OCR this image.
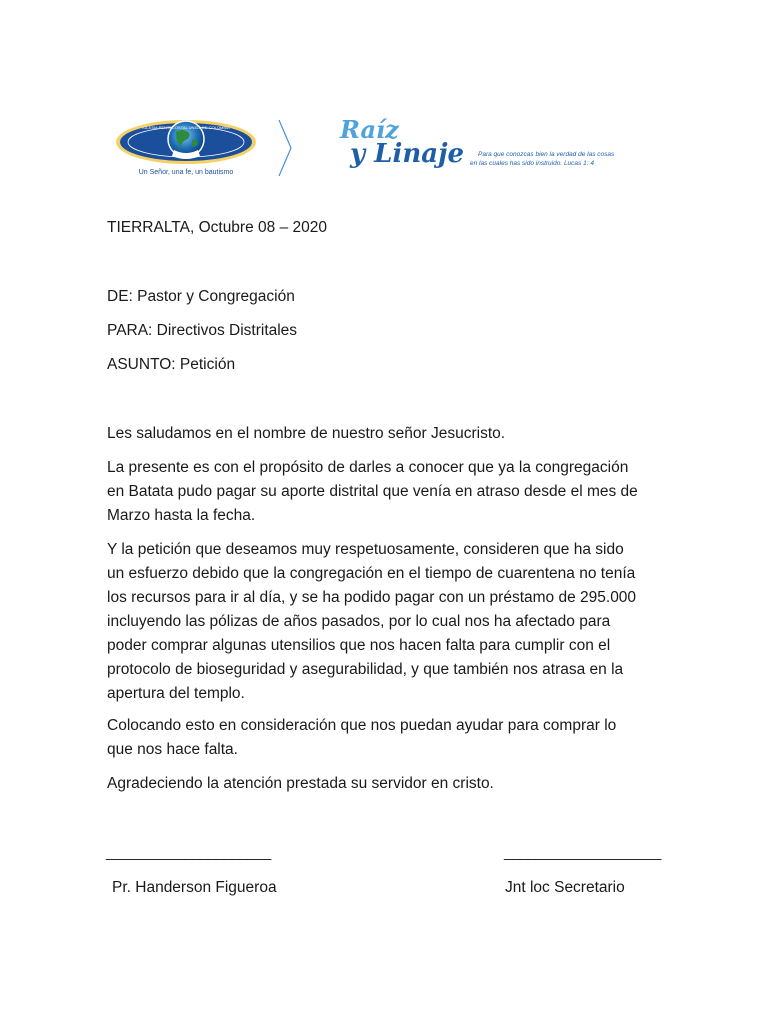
Un Señor, una fe, un bautismo
IGLESIA PENTECOSTAL UNIDA DE COLOMBIA	Raíz
y Linaje Para que conozcas bien la verdad de las cosas
en las cuales has sido instruido. Lucas 1: 4
TIERRALTA, Octubre 08 – 2020
DE: Pastor y Congregación
PARA: Directivos Distritales
ASUNTO: Petición
Les saludamos en el nombre de nuestro señor Jesucristo.
La presente es con el propósito de darles a conocer que ya la congregación
en Batata pudo pagar su aporte distrital que venía en atraso desde el mes de
Marzo hasta la fecha.
Y la petición que deseamos muy respetuosamente, consideren que ha sido
un esfuerzo debido que la congregación en el tiempo de cuarentena no tenía
los recursos para ir al día, y se ha podido pagar con un préstamo de 295.000
incluyendo las pólizas de años pasados, por lo cual nos ha afectado para
poder comprar algunas utensilios que nos hacen falta para cumplir con el
protocolo de bioseguridad y asegurabilidad, y que también nos atrasa en la
apertura del templo.
Colocando esto en consideración que nos puedan ayudar para comprar lo
que nos hace falta.
Agradeciendo la atención prestada su servidor en cristo.
_____________________	____________________
Pr. Handerson Figueroa	Jnt loc Secretario
